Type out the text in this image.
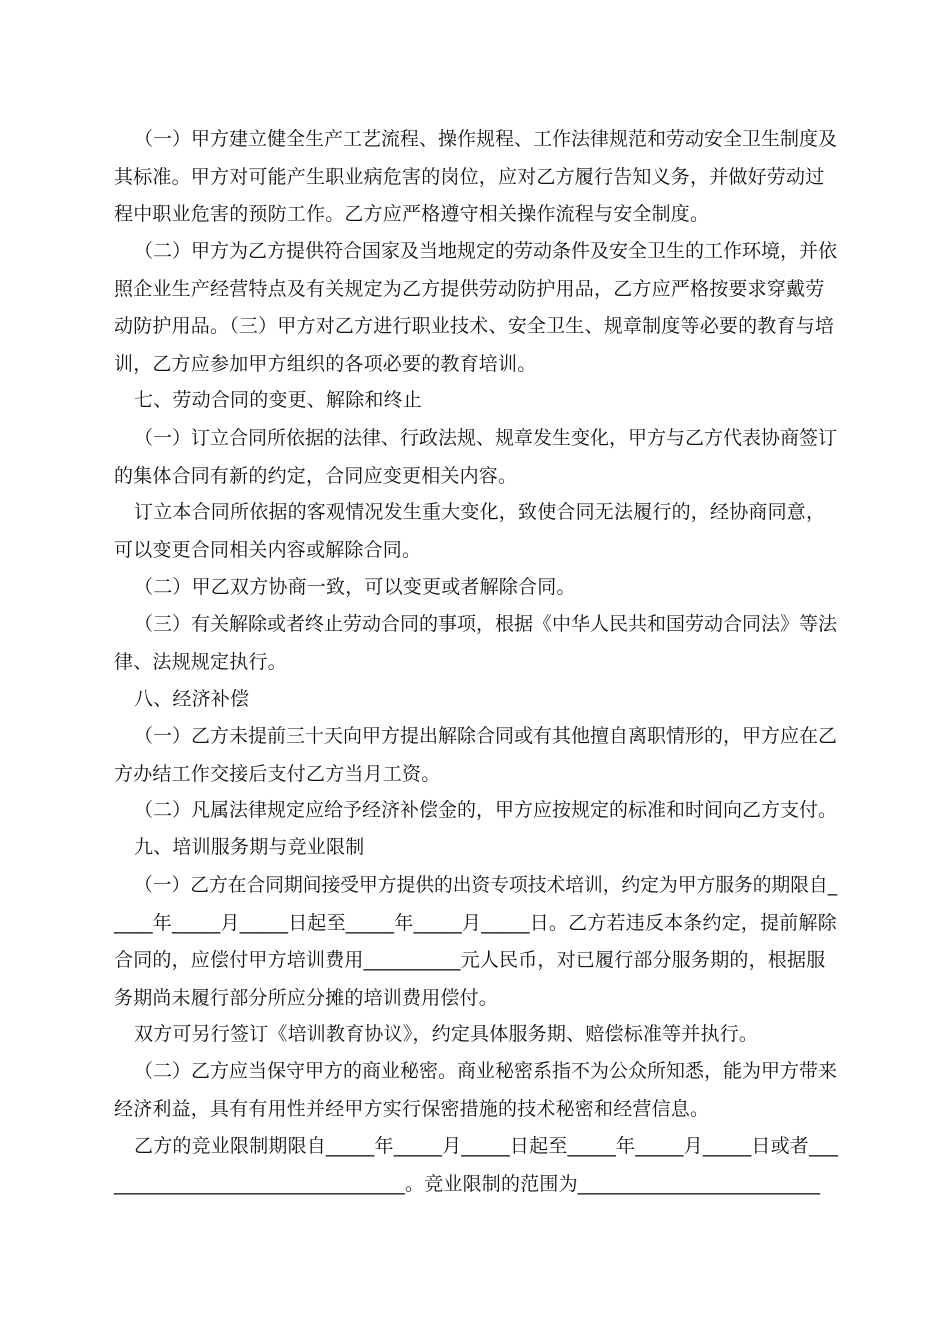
（一）甲方建立健全生产工艺流程、操作规程、工作法律规范和劳动安全卫生制度及
其标准。甲方对可能产生职业病危害的岗位，应对乙方履行告知义务，并做好劳动过
程中职业危害的预防工作。乙方应严格遵守相关操作流程与安全制度。
（二）甲方为乙方提供符合国家及当地规定的劳动条件及安全卫生的工作环境，并依
照企业生产经营特点及有关规定为乙方提供劳动防护用品，乙方应严格按要求穿戴劳
动防护用品。（三）甲方对乙方进行职业技术、安全卫生、规章制度等必要的教育与培
训，乙方应参加甲方组织的各项必要的教育培训。
七、劳动合同的变更、解除和终止
（一）订立合同所依据的法律、行政法规、规章发生变化，甲方与乙方代表协商签订
的集体合同有新的约定，合同应变更相关内容。
订立本合同所依据的客观情况发生重大变化，致使合同无法履行的，经协商同意，
可以变更合同相关内容或解除合同。
（二）甲乙双方协商一致，可以变更或者解除合同。
（三）有关解除或者终止劳动合同的事项，根据《中华人民共和国劳动合同法》等法
律、法规规定执行。
八、经济补偿
（一）乙方未提前三十天向甲方提出解除合同或有其他擅自离职情形的，甲方应在乙
方办结工作交接后支付乙方当月工资。
（二）凡属法律规定应给予经济补偿金的，甲方应按规定的标准和时间向乙方支付。
九、培训服务期与竞业限制
（一）乙方在合同期间接受甲方提供的出资专项技术培训，约定为甲方服务的期限自_
____年_____月_____日起至_____年_____月_____日。乙方若违反本条约定，提前解除
合同的，应偿付甲方培训费用__________元人民币，对已履行部分服务期的，根据服
务期尚未履行部分所应分摊的培训费用偿付。
双方可另行签订《培训教育协议》，约定具体服务期、赔偿标准等并执行。
（二）乙方应当保守甲方的商业秘密。商业秘密系指不为公众所知悉，能为甲方带来
经济利益，具有有用性并经甲方实行保密措施的技术秘密和经营信息。
乙方的竞业限制期限自_____年_____月_____日起至_____年_____月_____日或者___
______________________________。竞业限制的范围为_________________________
